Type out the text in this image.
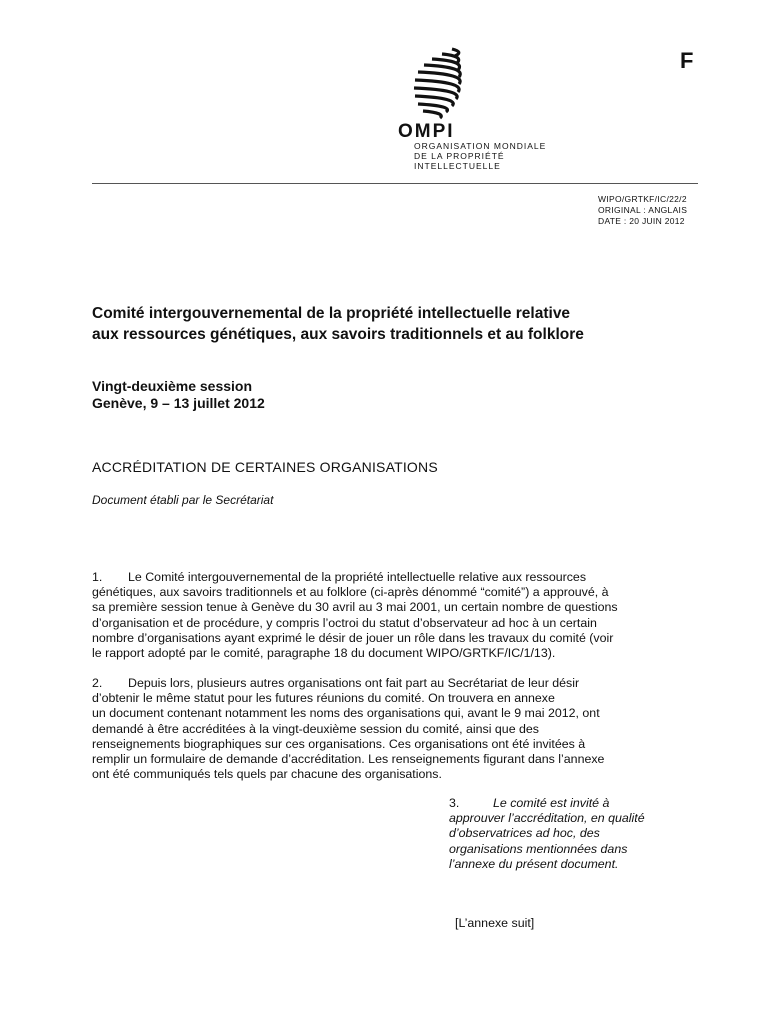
F
OMPI
ORGANISATION MONDIALE
DE LA PROPRIÉTÉ
INTELLECTUELLE
WIPO/GRTKF/IC/22/2
ORIGINAL : ANGLAIS
DATE : 20 JUIN 2012
Comité intergouvernemental de la propriété intellectuelle relative
aux ressources génétiques, aux savoirs traditionnels et au folklore
Vingt-deuxième session
Genève, 9 – 13 juillet 2012
ACCRÉDITATION DE CERTAINES ORGANISATIONS
Document établi par le Secrétariat
1. Le Comité intergouvernemental de la propriété intellectuelle relative aux ressources
génétiques, aux savoirs traditionnels et au folklore (ci-après dénommé “comité”) a approuvé, à
sa première session tenue à Genève du 30 avril au 3 mai 2001, un certain nombre de questions
d’organisation et de procédure, y compris l’octroi du statut d’observateur ad hoc à un certain
nombre d’organisations ayant exprimé le désir de jouer un rôle dans les travaux du comité (voir
le rapport adopté par le comité, paragraphe 18 du document WIPO/GRTKF/IC/1/13).
2. Depuis lors, plusieurs autres organisations ont fait part au Secrétariat de leur désir
d’obtenir le même statut pour les futures réunions du comité. On trouvera en annexe
un document contenant notamment les noms des organisations qui, avant le 9 mai 2012, ont
demandé à être accréditées à la vingt-deuxième session du comité, ainsi que des
renseignements biographiques sur ces organisations. Ces organisations ont été invitées à
remplir un formulaire de demande d’accréditation. Les renseignements figurant dans l’annexe
ont été communiqués tels quels par chacune des organisations.
3.	Le comité est invité à
approuver l’accréditation, en qualité
d’observatrices ad hoc, des
organisations mentionnées dans
l’annexe du présent document.
[L’annexe suit]
